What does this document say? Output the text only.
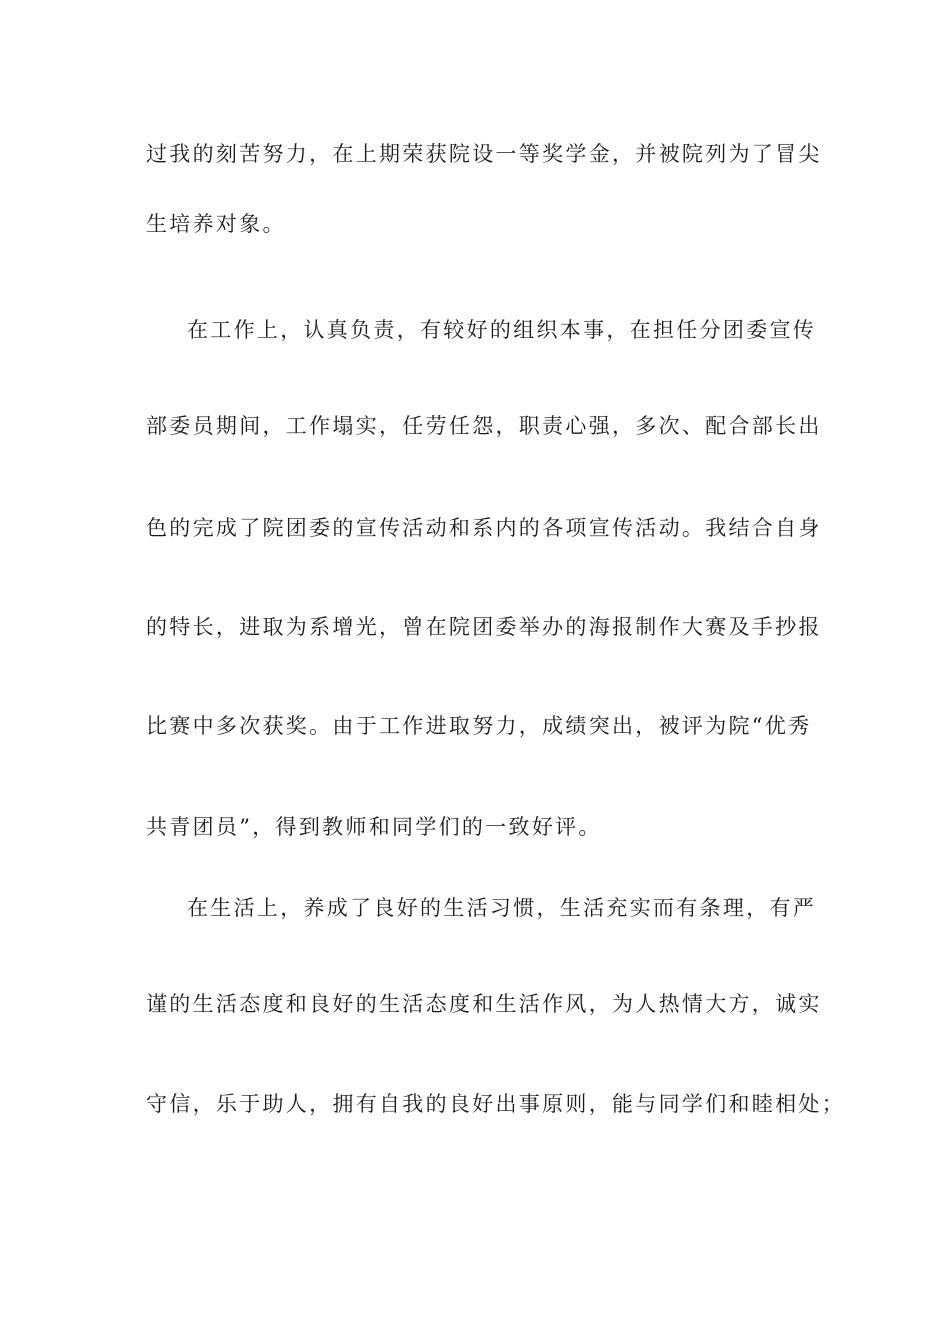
过我的刻苦努力，在上期荣获院设一等奖学金，并被院列为了冒尖
生培养对象。
在工作上，认真负责，有较好的组织本事，在担任分团委宣传
部委员期间，工作塌实，任劳任怨，职责心强，多次、配合部长出
色的完成了院团委的宣传活动和系内的各项宣传活动。我结合自身
的特长，进取为系增光，曾在院团委举办的海报制作大赛及手抄报
比赛中多次获奖。由于工作进取努力，成绩突出，被评为院“优秀
共青团员”，得到教师和同学们的一致好评。
在生活上，养成了良好的生活习惯，生活充实而有条理，有严
谨的生活态度和良好的生活态度和生活作风，为人热情大方，诚实
守信，乐于助人，拥有自我的良好出事原则，能与同学们和睦相处；
